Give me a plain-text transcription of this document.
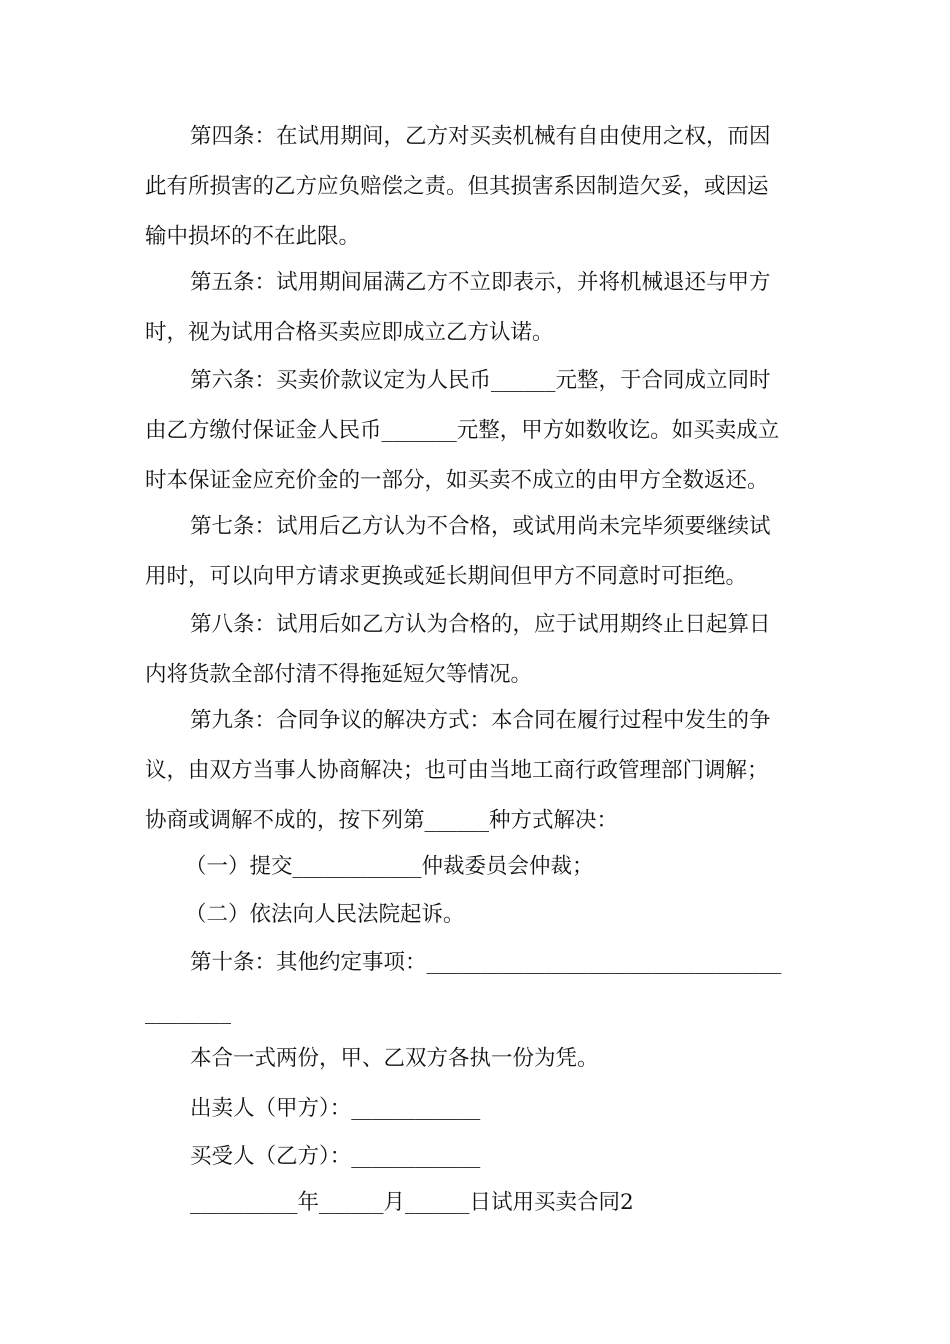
第四条：在试用期间，乙方对买卖机械有自由使用之权，而因
此有所损害的乙方应负赔偿之责。但其损害系因制造欠妥，或因运
输中损坏的不在此限。
第五条：试用期间届满乙方不立即表示，并将机械退还与甲方
时，视为试用合格买卖应即成立乙方认诺。
第六条：买卖价款议定为人民币______元整，于合同成立同时
由乙方缴付保证金人民币_______元整，甲方如数收讫。如买卖成立
时本保证金应充价金的一部分，如买卖不成立的由甲方全数返还。
第七条：试用后乙方认为不合格，或试用尚未完毕须要继续试
用时，可以向甲方请求更换或延长期间但甲方不同意时可拒绝。
第八条：试用后如乙方认为合格的，应于试用期终止日起算日
内将货款全部付清不得拖延短欠等情况。
第九条：合同争议的解决方式：本合同在履行过程中发生的争
议，由双方当事人协商解决；也可由当地工商行政管理部门调解；
协商或调解不成的，按下列第______种方式解决：
（一）提交____________仲裁委员会仲裁；
（二）依法向人民法院起诉。
第十条：其他约定事项：_________________________________
________
本合一式两份，甲、乙双方各执一份为凭。
出卖人（甲方）：____________
买受人（乙方）：____________
__________年______月______日试用买卖合同2
